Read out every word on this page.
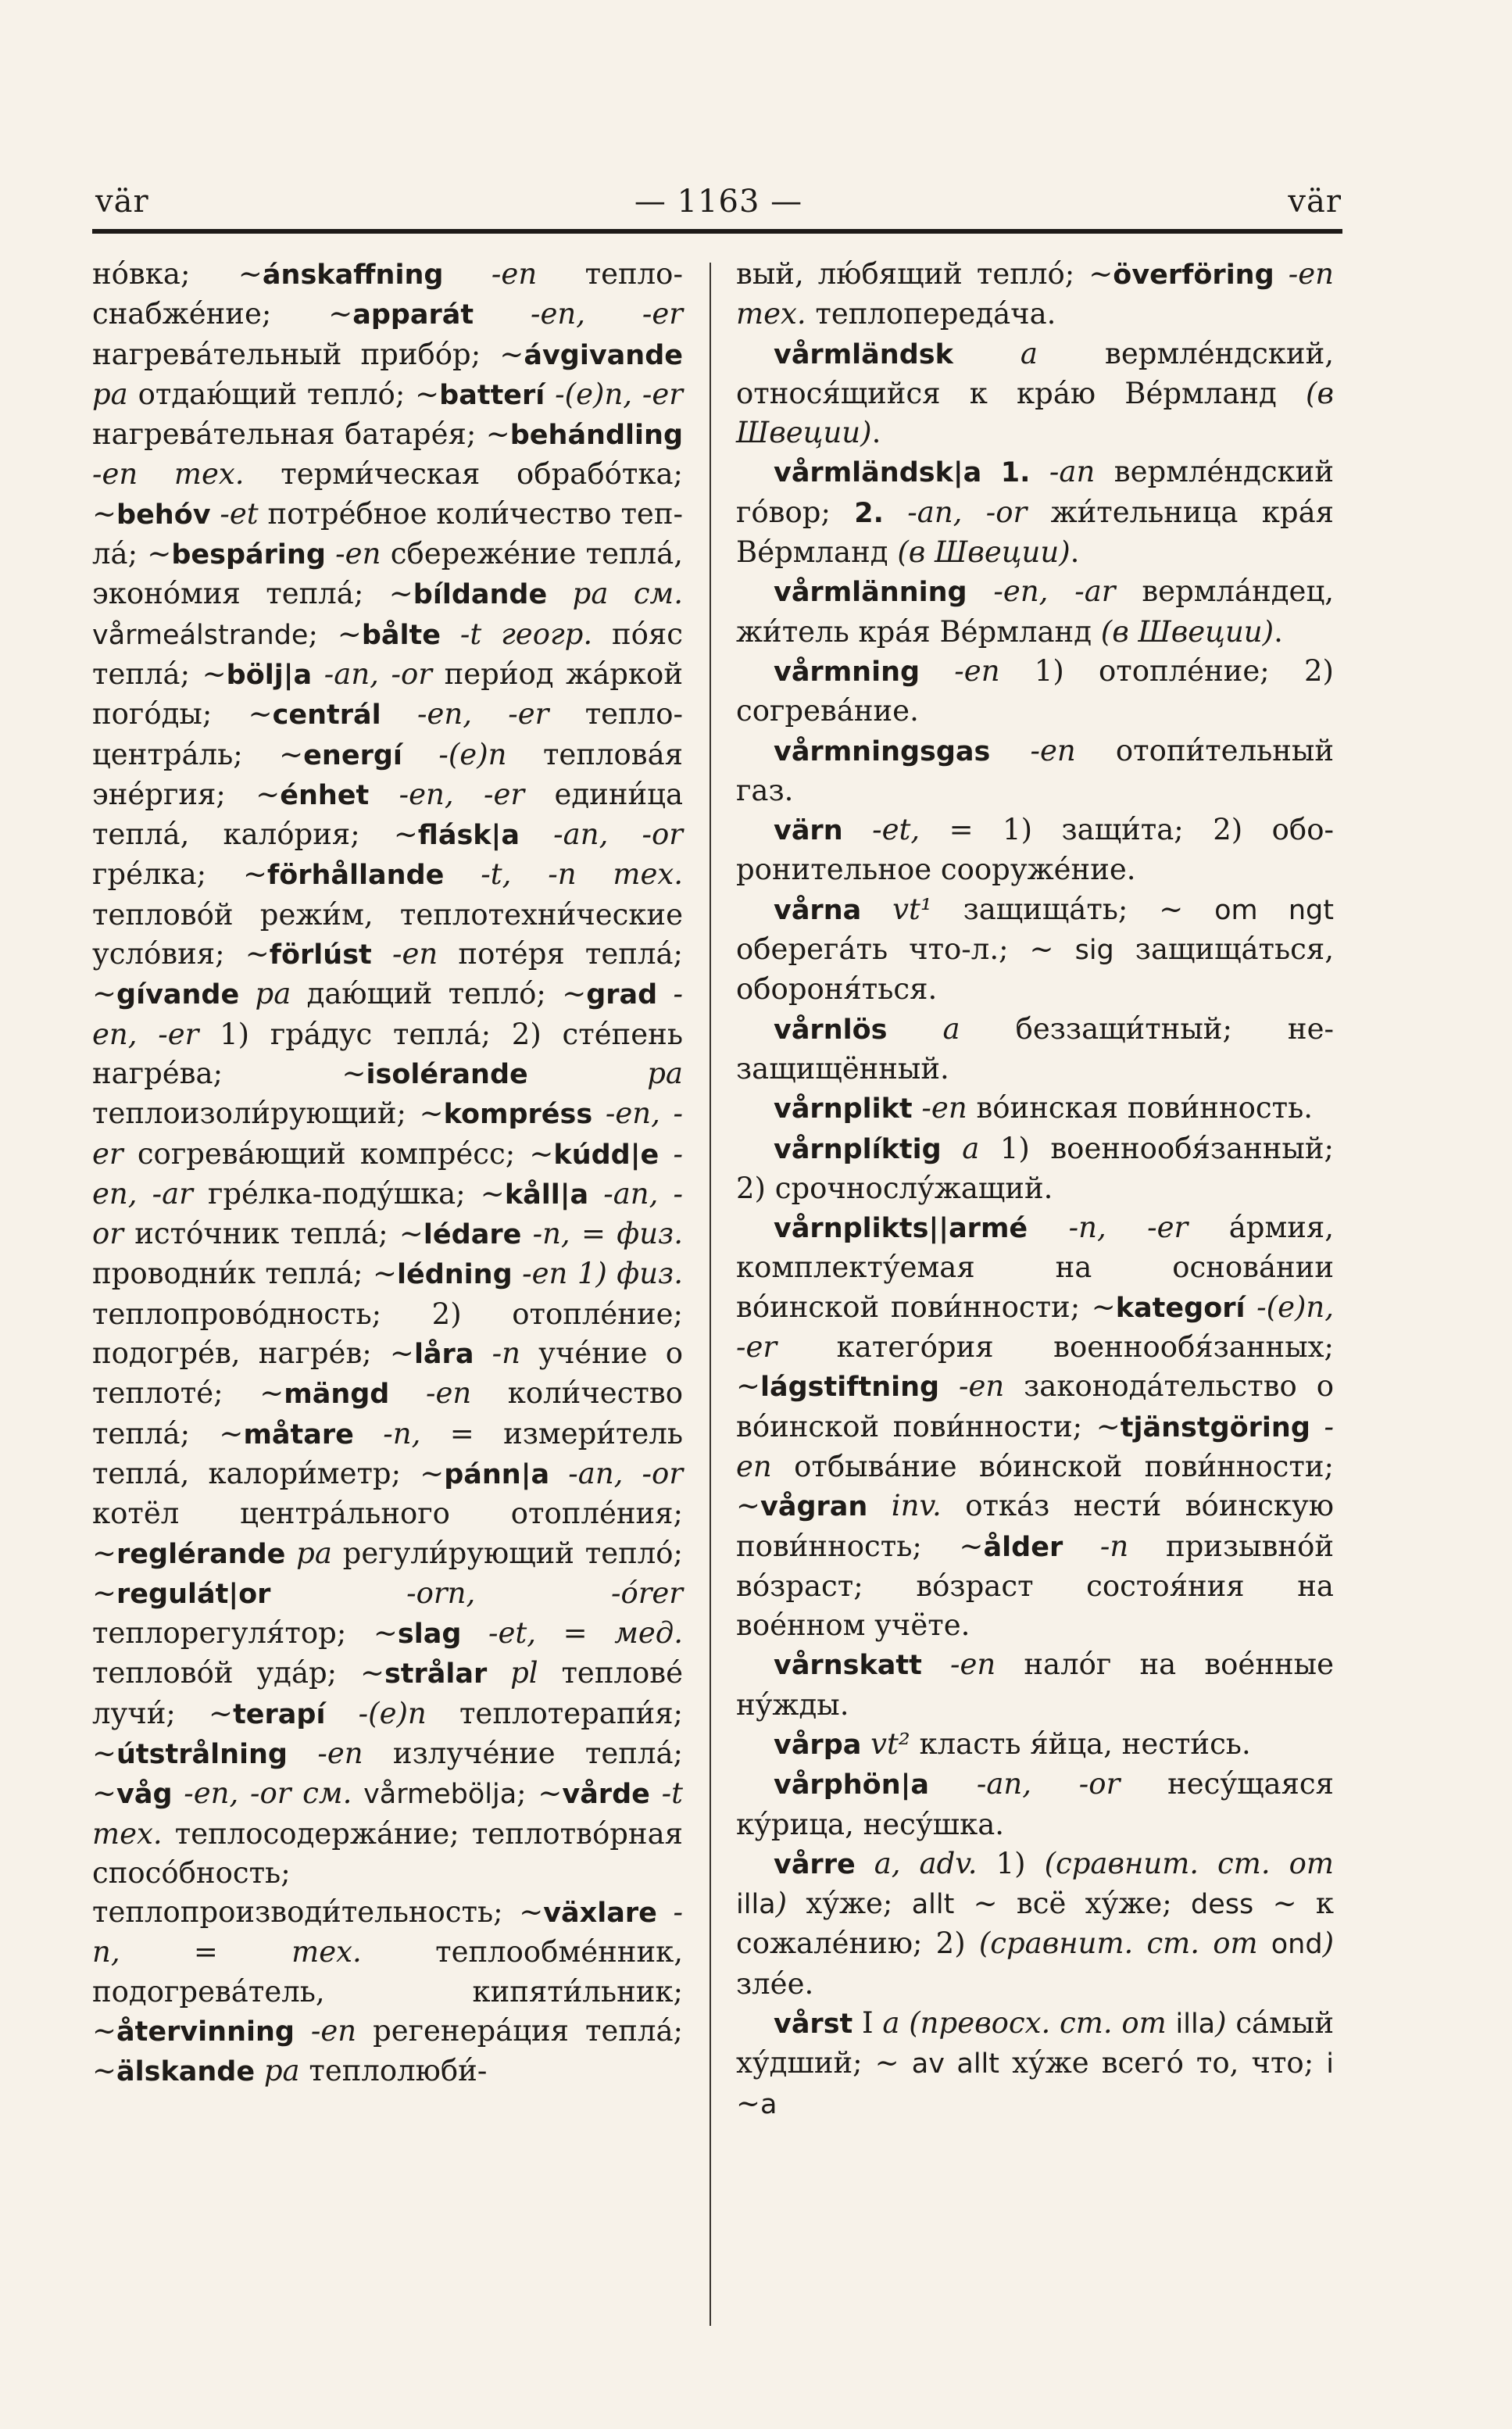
vär	— 1163 —	vär

но́вка; ~ánskaffning -en теплоснабже́ние; ~apparát -en, -er нагрева́тельный прибо́р; ~ávgivande pa отдаю́щий тепло́; ~batterí -(e)n, -er нагрева́тельная батаре́я; ~behándling -en тех. терми́ческая обрабо́тка; ~behóv -et потре́бное коли́чество тепла́; ~bespáring -en сбереже́ние тепла́, эконо́мия тепла́; ~bíldande pa см. vårmeálstrande; ~bålte -t геогр. по́яс тепла́; ~bölj|a -an, -or пери́од жа́ркой пого́ды; ~centrál -en, -er теплоцентра́ль; ~energí -(e)n теплова́я эне́ргия; ~énhet -en, -er едини́ца тепла́, кало́рия; ~flásk|a -an, -or гре́лка; ~förhållande -t, -n тех. теплово́й режи́м, теплотехни́ческие усло́вия; ~förlúst -en поте́ря тепла́; ~gívande pa даю́щий тепло́; ~grad -en, -er 1) гра́дус тепла́; 2) сте́пень нагре́ва; ~isolérande pa теплоизоли́рующий; ~kompréss -en, -er согрева́ющий компре́сс; ~kúdd|e -en, -ar гре́лка-поду́шка; ~kåll|a -an, -or исто́чник тепла́; ~lédare -n, = физ. проводни́к тепла́; ~lédning -en 1) физ. теплопрово́дность; 2) отопле́ние; подогре́в, нагре́в; ~låra -n уче́ние о теплоте́; ~mängd -en коли́чество тепла́; ~måtare -n, = измери́тель тепла́, калори́метр; ~pánn|a -an, -or котёл центра́льного отопле́ния; ~reglérande pa регули́рующий тепло́; ~regulát|or -orn, -órer теплорегуля́тор; ~slag -et, = мед. теплово́й уда́р; ~strålar pl теплове́ лучи́; ~terapí -(e)n теплотерапи́я; ~útstrålning -en излуче́ние тепла́; ~våg -en, -or см. vårmebölja; ~vårde -t тех. теплосодержа́ние; теплотво́рная спосо́бность; теплопроизводи́тельность; ~växlare -n, = тех. теплообме́нник, подогрева́тель, кипяти́льник; ~återvinning -en регенера́ция тепла́; ~älskande pa теплолюби́-

вый, лю́бящий тепло́; ~överföring -en тех. теплопереда́ча.

vårmländsk a вермле́ндский, относя́щийся к кра́ю Ве́рмланд (в Швеции).

vårmländsk|a 1. -an вермле́ндский го́вор; 2. -an, -or жи́тельница кра́я Ве́рмланд (в Швеции).

vårmlänning -en, -ar вермла́ндец, жи́тель кра́я Ве́рмланд (в Швеции).

vårmning -en 1) отопле́ние; 2) согрева́ние.

vårmningsgas -en отопи́тельный газ.

värn -et, = 1) защи́та; 2) оборонительное сооруже́ние.

vårna vt¹ защища́ть; ~ om ngt оберега́ть что-л.; ~ sig защища́ться, обороня́ться.

vårnlös a беззащи́тный; незащищённый.

vårnplikt -en во́инская пови́нность.

vårnplíktig a 1) военнообя́занный; 2) срочнослу́жащий.

vårnplikts||armé -n, -er а́рмия, комплекту́емая на основа́нии во́инской пови́нности; ~kategorí -(e)n, -er катего́рия военнообя́занных; ~lágstiftning -en законода́тельство о во́инской пови́нности; ~tjänstgöring -en отбыва́ние во́инской пови́нности; ~vågran inv. отка́з нести́ во́инскую пови́нность; ~ålder -n призывно́й во́зраст; во́зраст состоя́ния на вое́нном учёте.

vårnskatt -en нало́г на вое́нные ну́жды.

vårpa vt² класть я́йца, нести́сь.

vårphön|a -an, -or несу́щаяся ку́рица, несу́шка.

vårre a, adv. 1) (сравнит. ст. от illa) ху́же; allt ~ всё ху́же; dess ~ к сожале́нию; 2) (сравнит. ст. от ond) зле́е.

vårst I a (превосх. ст. от illa) са́мый ху́дший; ~ av allt ху́же всего́ то, что; i ~a
